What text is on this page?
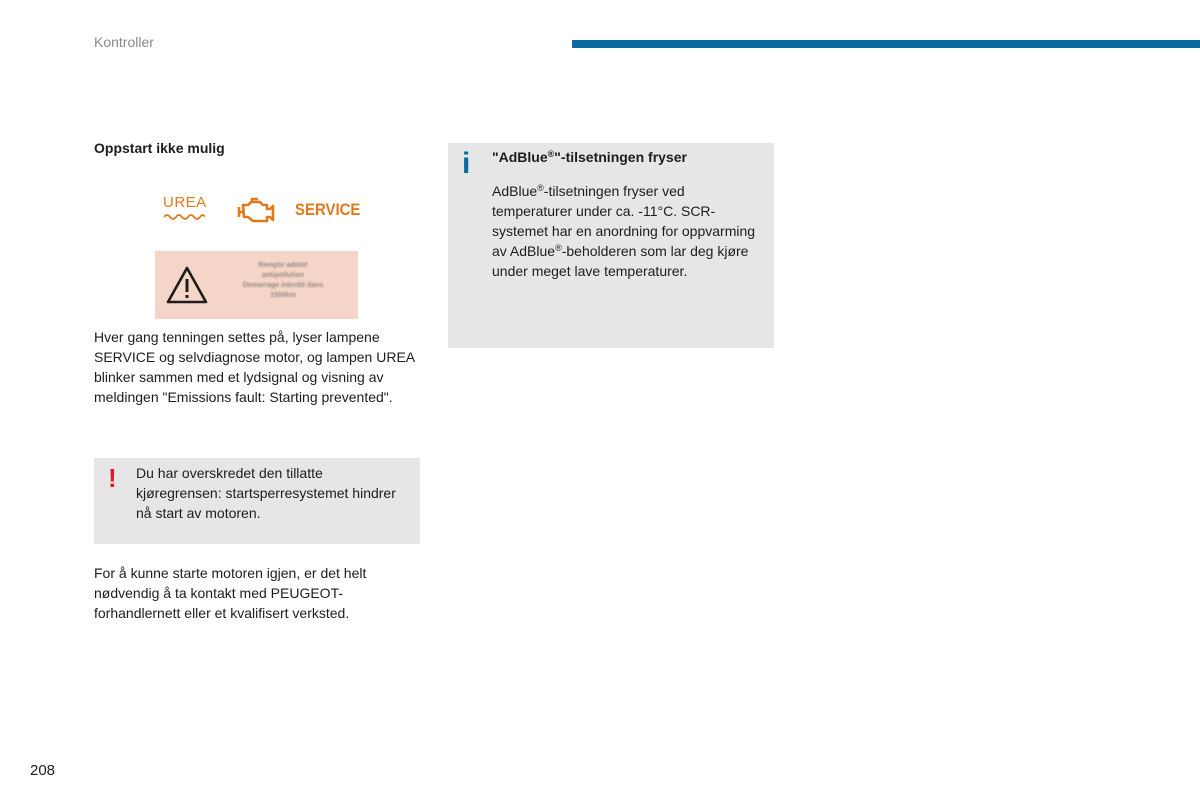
Kontroller
Oppstart ikke mulig
UREA	SERVICE
Remplir additif
antipollution
Demarrage interdit dans
1500km

Hver gang tenningen settes på, lyser lampene SERVICE og selvdiagnose motor, og lampen UREA blinker sammen med et lydsignal og visning av meldingen "Emissions fault: Starting prevented".

! Du har overskredet den tillatte kjøregrensen: startsperresystemet hindrer nå start av motoren.

For å kunne starte motoren igjen, er det helt nødvendig å ta kontakt med PEUGEOT-forhandlernett eller et kvalifisert verksted.

i "AdBlue®"-tilsetningen fryser
AdBlue®-tilsetningen fryser ved temperaturer under ca. -11°C. SCR-systemet har en anordning for oppvarming av AdBlue®-beholderen som lar deg kjøre under meget lave temperaturer.
208
